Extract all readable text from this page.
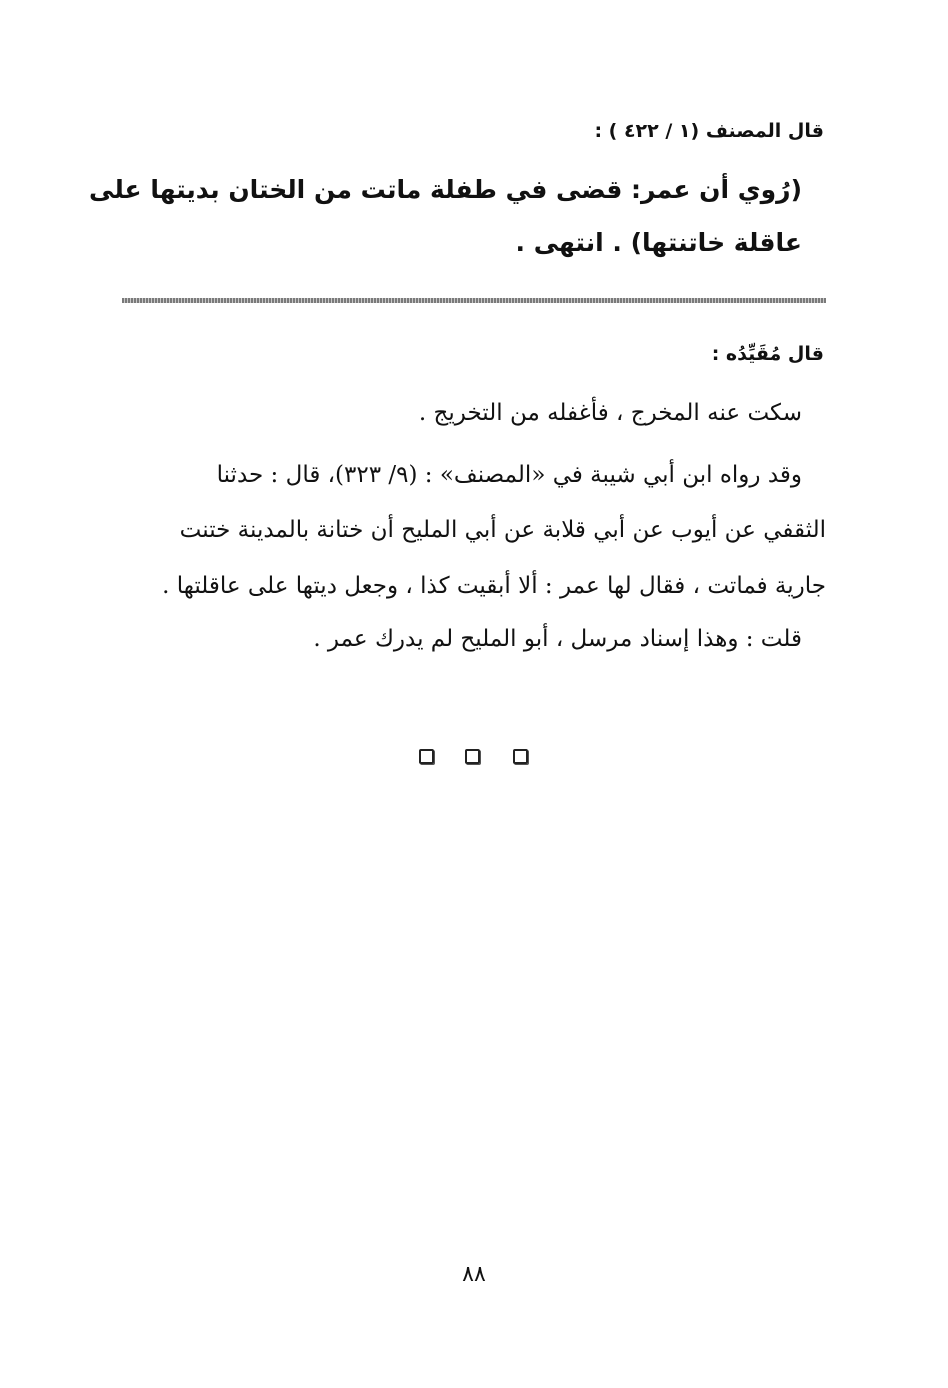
قال المصنف (١ / ٤٢٢ ) :
(رُوي أن عمر: قضى في طفلة ماتت من الختان بديتها على
عاقلة خاتنتها) . انتهى .
قال مُقَيِّدُه :
سكت عنه المخرج ، فأغفله من التخريج .
وقد رواه ابن أبي شيبة في «المصنف» : (٩/ ٣٢٣)، قال : حدثنا
الثقفي عن أيوب عن أبي قلابة عن أبي المليح أن ختانة بالمدينة ختنت
جارية فماتت ، فقال لها عمر : ألا أبقيت كذا ، وجعل ديتها على عاقلتها .
قلت : وهذا إسناد مرسل ، أبو المليح لم يدرك عمر .
٨٨
